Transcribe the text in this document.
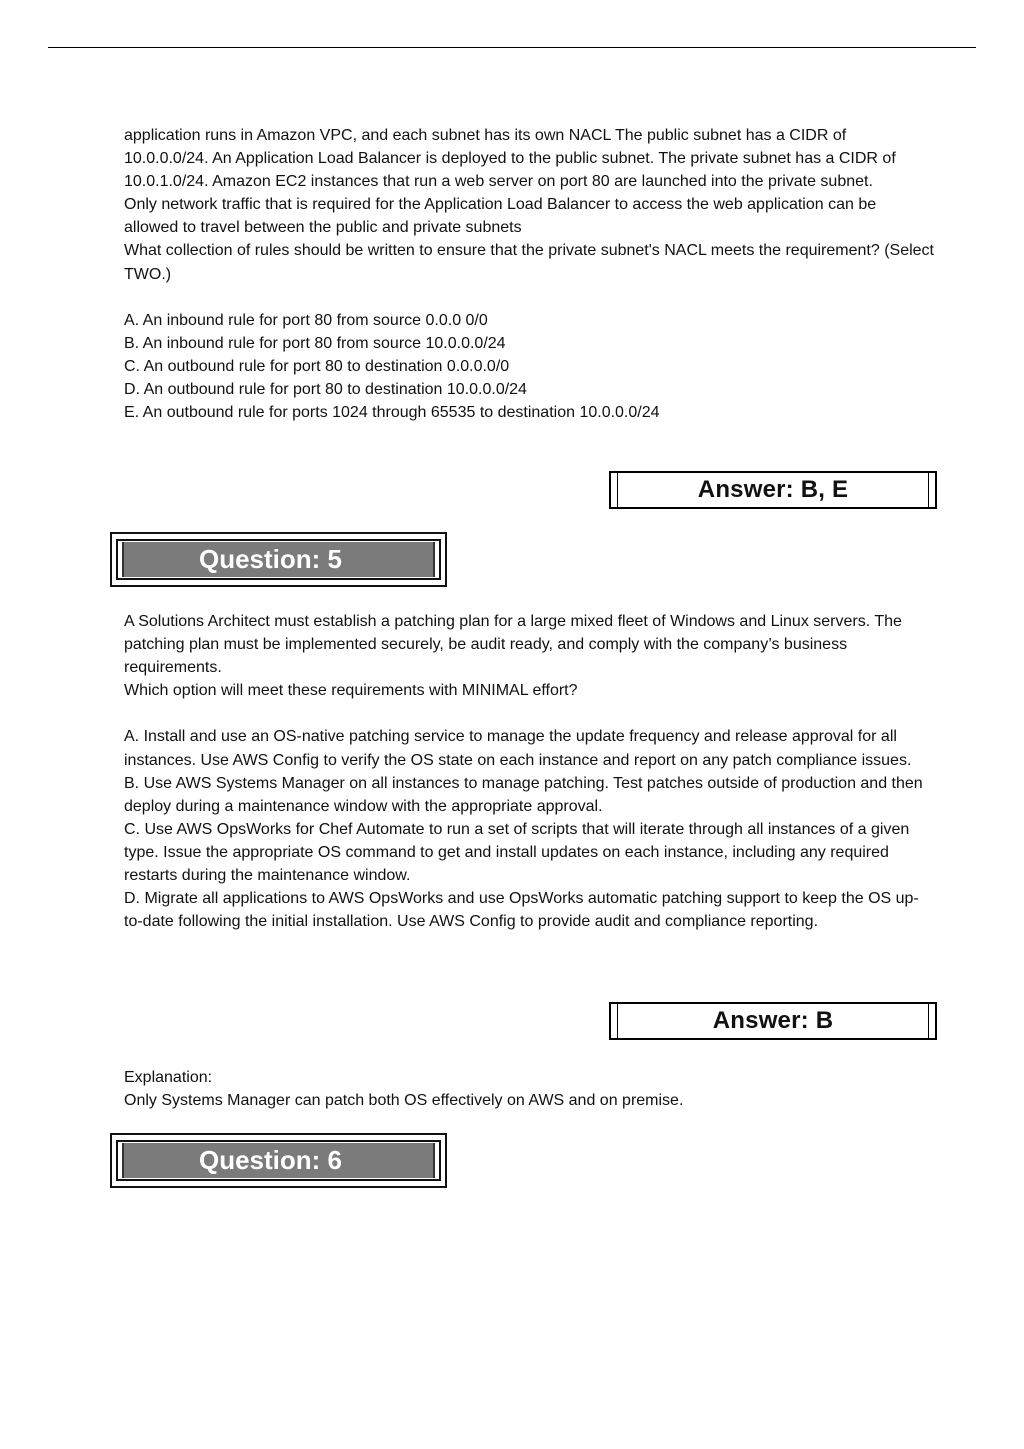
application runs in Amazon VPC, and each subnet has its own NACL The public subnet has a CIDR of 10.0.0.0/24. An Application Load Balancer is deployed to the public subnet. The private subnet has a CIDR of 10.0.1.0/24. Amazon EC2 instances that run a web server on port 80 are launched into the private subnet.

Only network traffic that is required for the Application Load Balancer to access the web application can be allowed to travel between the public and private subnets

What collection of rules should be written to ensure that the private subnet's NACL meets the requirement? (Select TWO.)

A. An inbound rule for port 80 from source 0.0.0 0/0

B. An inbound rule for port 80 from source 10.0.0.0/24

C. An outbound rule for port 80 to destination 0.0.0.0/0

D. An outbound rule for port 80 to destination 10.0.0.0/24

E. An outbound rule for ports 1024 through 65535 to destination 10.0.0.0/24

Answer: B, E
Question: 5

A Solutions Architect must establish a patching plan for a large mixed fleet of Windows and Linux servers. The patching plan must be implemented securely, be audit ready, and comply with the company’s business requirements.

Which option will meet these requirements with MINIMAL effort?

A. Install and use an OS-native patching service to manage the update frequency and release approval for all instances. Use AWS Config to verify the OS state on each instance and report on any patch compliance issues.

B. Use AWS Systems Manager on all instances to manage patching. Test patches outside of production and then deploy during a maintenance window with the appropriate approval.

C. Use AWS OpsWorks for Chef Automate to run a set of scripts that will iterate through all instances of a given type. Issue the appropriate OS command to get and install updates on each instance, including any required restarts during the maintenance window.

D. Migrate all applications to AWS OpsWorks and use OpsWorks automatic patching support to keep the OS up-to-date following the initial installation. Use AWS Config to provide audit and compliance reporting.

Answer: B

Explanation:

Only Systems Manager can patch both OS effectively on AWS and on premise.

Question: 6
